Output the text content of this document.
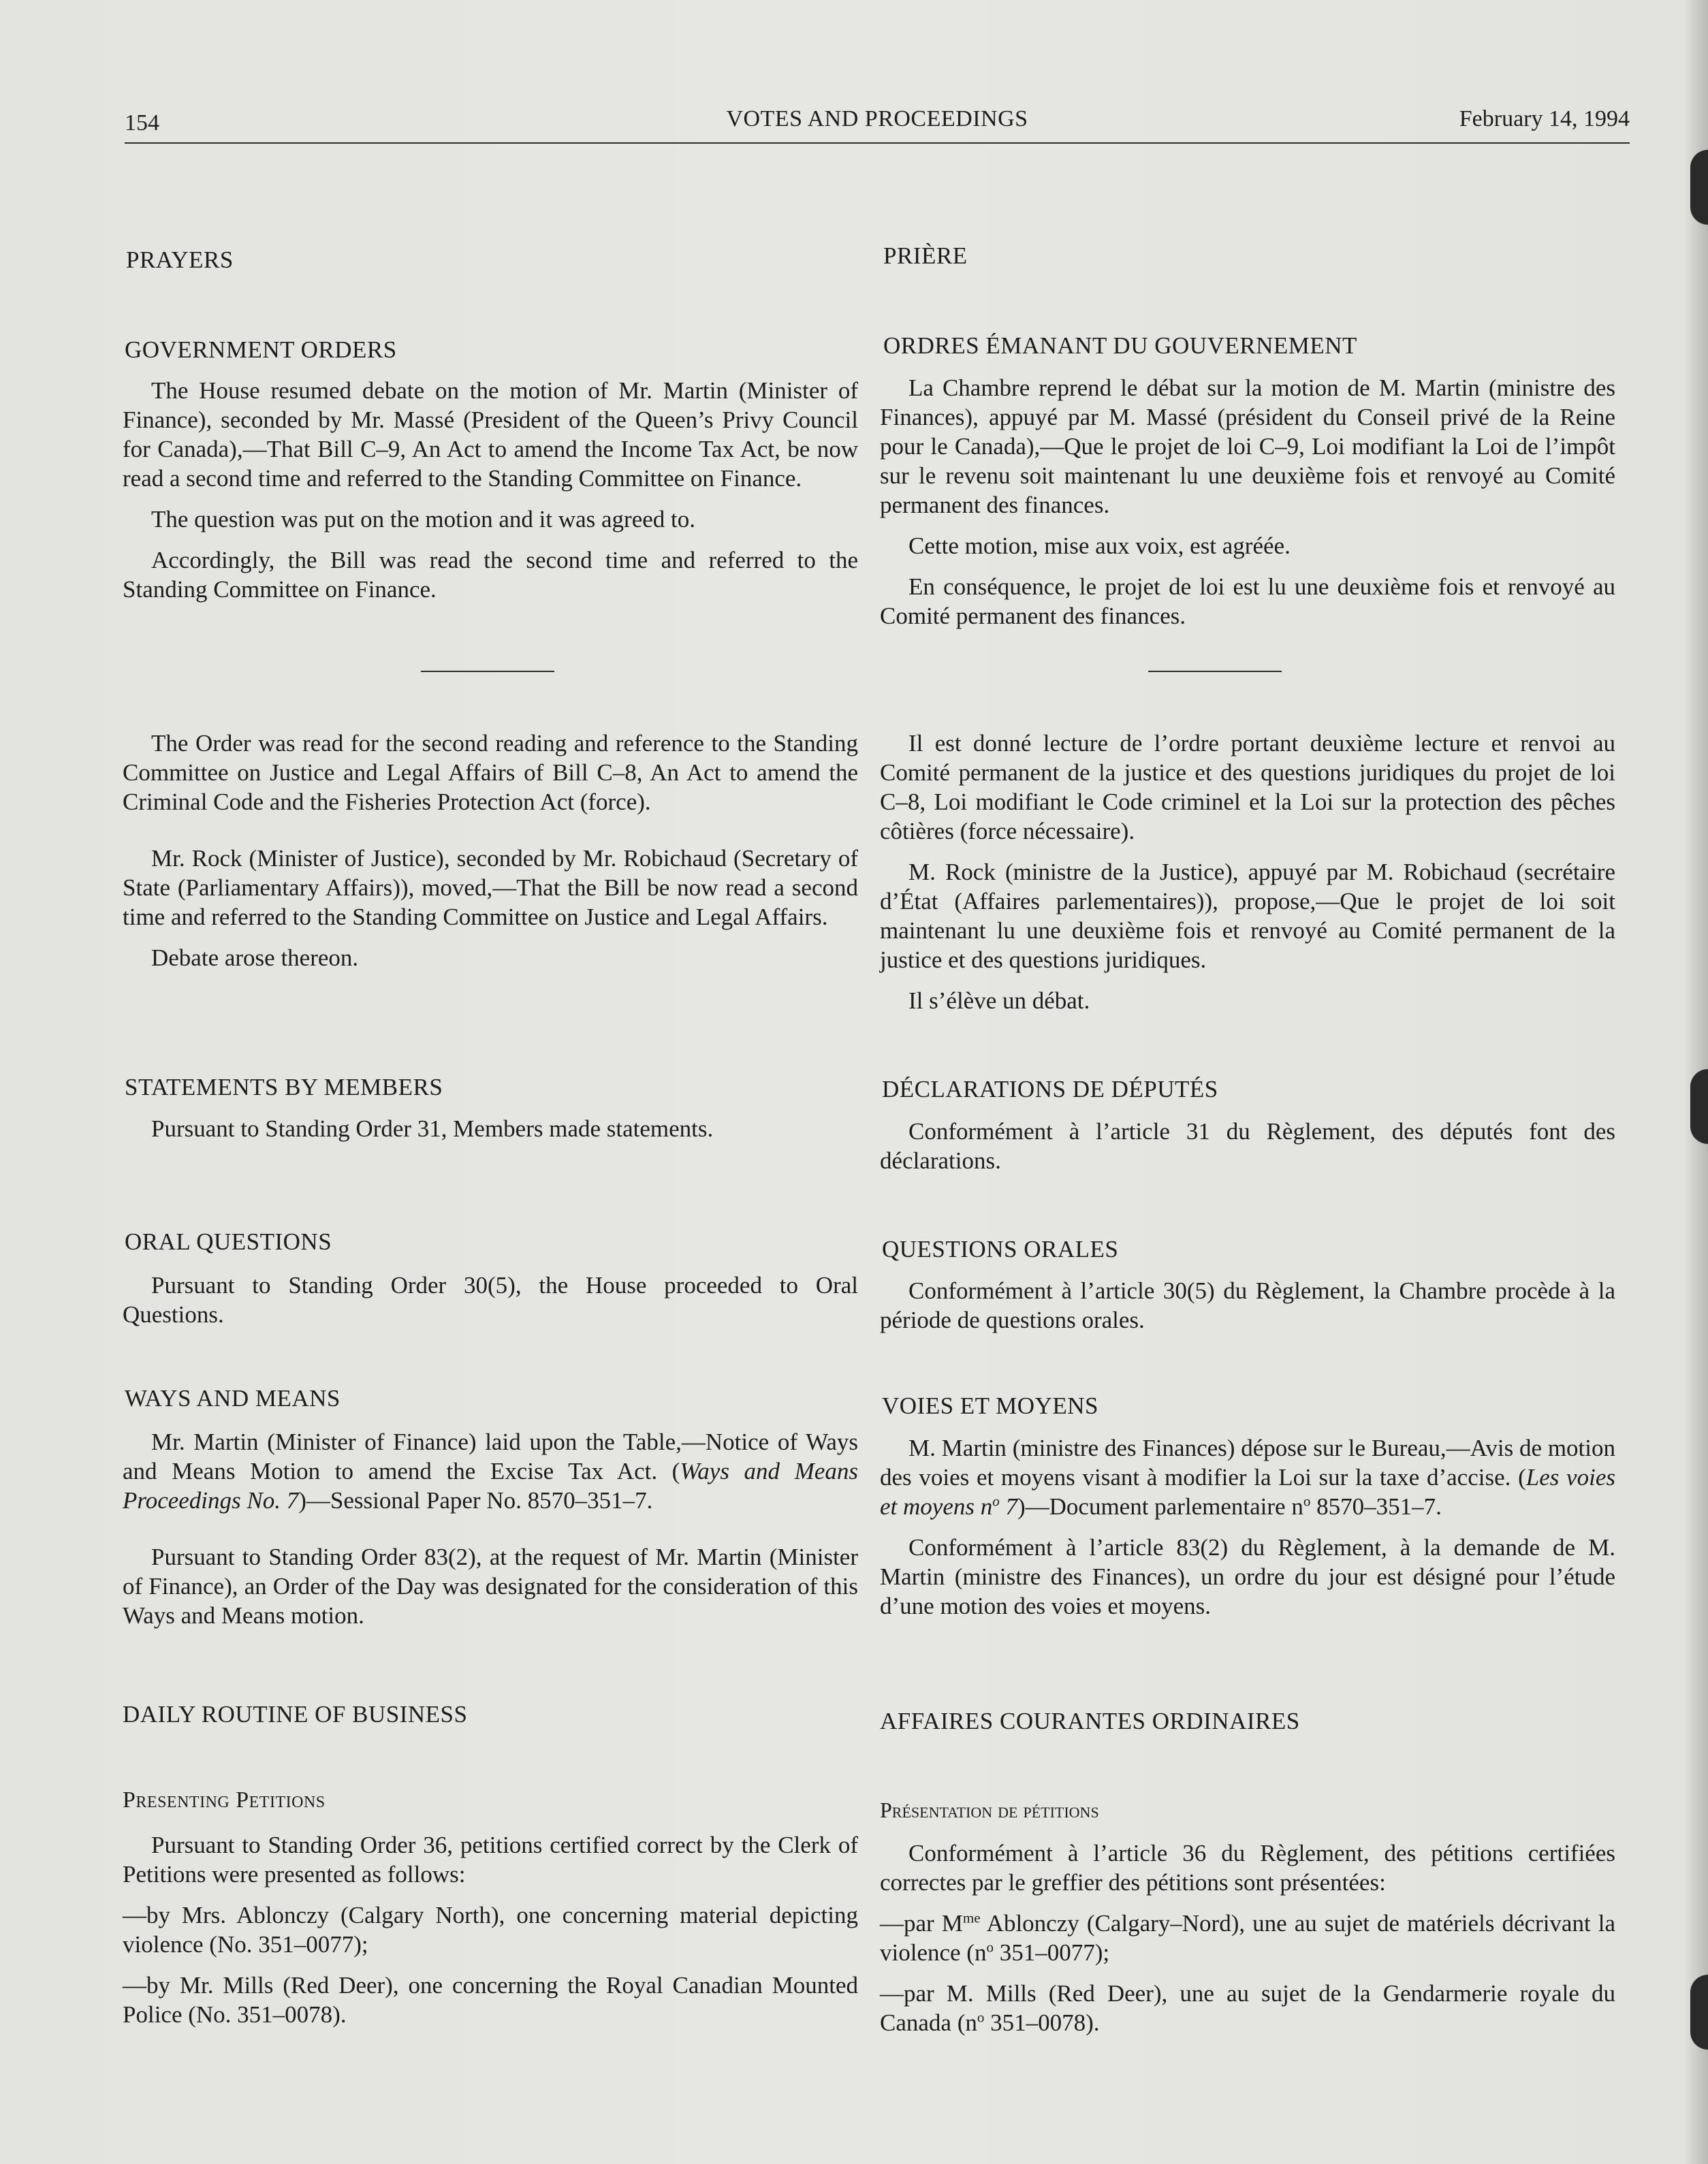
154	VOTES AND PROCEEDINGS	February 14, 1994
PRAYERS
GOVERNMENT ORDERS

The House resumed debate on the motion of Mr. Martin (Minister of Finance), seconded by Mr. Massé (President of the Queen’s Privy Council for Canada),—That Bill C–9, An Act to amend the Income Tax Act, be now read a second time and referred to the Standing Committee on Finance.

The question was put on the motion and it was agreed to.

Accordingly, the Bill was read the second time and referred to the Standing Committee on Finance.

The Order was read for the second reading and reference to the Standing Committee on Justice and Legal Affairs of Bill C–8, An Act to amend the Criminal Code and the Fisheries Protection Act (force).

Mr. Rock (Minister of Justice), seconded by Mr. Robichaud (Secretary of State (Parliamentary Affairs)), moved,—That the Bill be now read a second time and referred to the Standing Committee on Justice and Legal Affairs.

Debate arose thereon.

STATEMENTS BY MEMBERS

Pursuant to Standing Order 31, Members made statements.

ORAL QUESTIONS

Pursuant to Standing Order 30(5), the House proceeded to Oral Questions.

WAYS AND MEANS

Mr. Martin (Minister of Finance) laid upon the Table,—Notice of Ways and Means Motion to amend the Excise Tax Act. (Ways and Means Proceedings No. 7)—Sessional Paper No. 8570–351–7.

Pursuant to Standing Order 83(2), at the request of Mr. Martin (Minister of Finance), an Order of the Day was designated for the consideration of this Ways and Means motion.

DAILY ROUTINE OF BUSINESS
Presenting Petitions

Pursuant to Standing Order 36, petitions certified correct by the Clerk of Petitions were presented as follows:

—by Mrs. Ablonczy (Calgary North), one concerning material depicting violence (No. 351–0077);

—by Mr. Mills (Red Deer), one concerning the Royal Canadian Mounted Police (No. 351–0078).

PRIÈRE
ORDRES ÉMANANT DU GOUVERNEMENT

La Chambre reprend le débat sur la motion de M. Martin (ministre des Finances), appuyé par M. Massé (président du Conseil privé de la Reine pour le Canada),—Que le projet de loi C–9, Loi modifiant la Loi de l’impôt sur le revenu soit maintenant lu une deuxième fois et renvoyé au Comité permanent des finances.

Cette motion, mise aux voix, est agréée.

En conséquence, le projet de loi est lu une deuxième fois et renvoyé au Comité permanent des finances.

Il est donné lecture de l’ordre portant deuxième lecture et renvoi au Comité permanent de la justice et des questions juridiques du projet de loi C–8, Loi modifiant le Code criminel et la Loi sur la protection des pêches côtières (force nécessaire).

M. Rock (ministre de la Justice), appuyé par M. Robichaud (secrétaire d’État (Affaires parlementaires)), propose,—Que le projet de loi soit maintenant lu une deuxième fois et renvoyé au Comité permanent de la justice et des questions juridiques.

Il s’élève un débat.

DÉCLARATIONS DE DÉPUTÉS

Conformément à l’article 31 du Règlement, des députés font des déclarations.

QUESTIONS ORALES

Conformément à l’article 30(5) du Règlement, la Chambre procède à la période de questions orales.

VOIES ET MOYENS

M. Martin (ministre des Finances) dépose sur le Bureau,—Avis de motion des voies et moyens visant à modifier la Loi sur la taxe d’accise. (Les voies et moyens $n^o$ 7)—Document parlementaire $n^o$ 8570–351–7.

Conformément à l’article 83(2) du Règlement, à la demande de M. Martin (ministre des Finances), un ordre du jour est désigné pour l’étude d’une motion des voies et moyens.

AFFAIRES COURANTES ORDINAIRES
Présentation de pétitions

Conformément à l’article 36 du Règlement, des pétitions certifiées correctes par le greffier des pétitions sont présentées:

—par $M^{me}$ Ablonczy (Calgary–Nord), une au sujet de matériels décrivant la violence ($n^o$ 351–0077);

—par M. Mills (Red Deer), une au sujet de la Gendarmerie royale du Canada ($n^o$ 351–0078).
